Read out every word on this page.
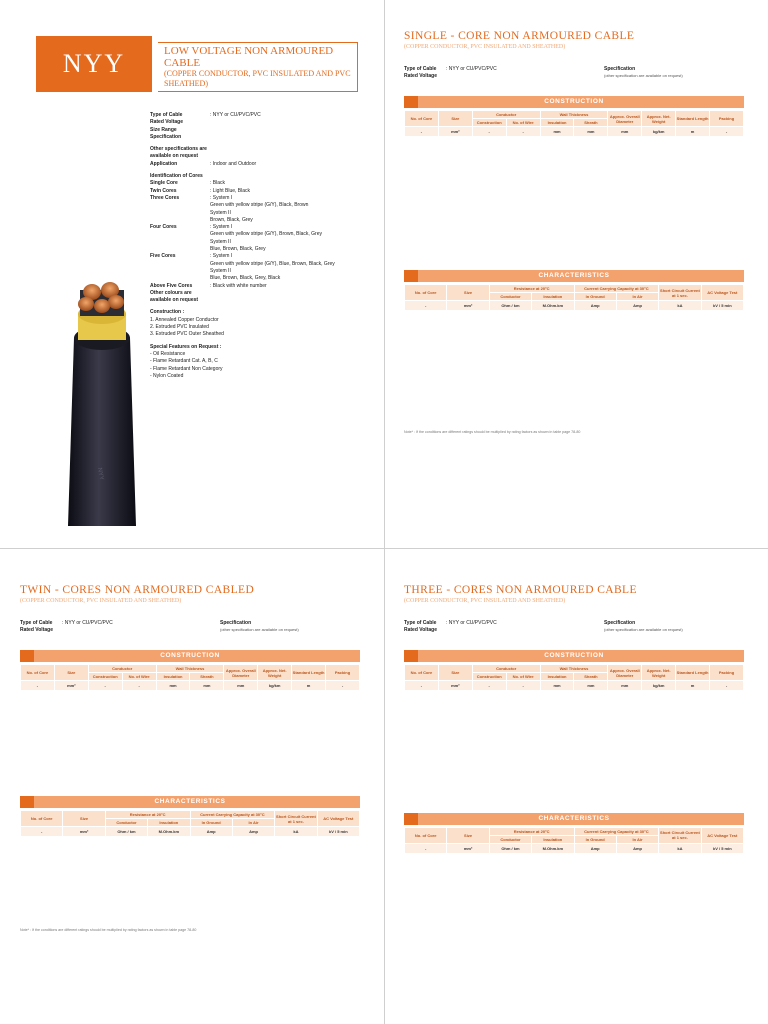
NYY	LOW VOLTAGE NON ARMOURED CABLE
(COPPER CONDUCTOR, PVC INSULATED AND PVC SHEATHED)
Type of Cable	: NYY or CU/PVC/PVC
Rated Voltage
Size Range
Specification
Other specifications are available on request
Application	: Indoor and Outdoor
Identification of Cores
Single Core	: Black
Twin Cores	: Light Blue, Black
Three Cores	: System I
Green with yellow stripe (G/Y), Black, Brown
System II
Brown, Black, Grey
Four Cores	: System I
Green with yellow stripe (G/Y), Brown, Black, Grey
System II
Blue, Brown, Black, Grey
Five Cores	: System I
Green with yellow stripe (G/Y), Blue, Brown, Black, Grey
System II
Blue, Brown, Black, Grey, Black
Above Five Cores	: Black with white number
Other colours are available on request
Construction :
1. Annealed Copper Conductor
2. Extruded PVC Insulated
3. Extruded PVC Outer Sheathed
Special Features on Request :
- Oil Resistance
- Flame Retardant Cat. A, B, C
- Flame Retardant Non Category
- Nylon Coated
NYY
SINGLE - CORE NON ARMOURED CABLE
(COPPER CONDUCTOR, PVC INSULATED AND SHEATHED)
Type of Cable	: NYY or CU/PVC/PVC
Rated Voltage
Specification
(other specification are available on request)
CONSTRUCTION
No. of Core	Size	Conductor		Wall Thickness		Approx. Overall Diameter	Approx. Net. Weight	Standard Length	Packing
		Construction	No. of Wire	Insulation	Sheath				
-	mm²	-	-	mm	mm	mm	kg/km	m	-

CHARACTERISTICS
No. of Core	Size	Resistance at 20°C		Current Carrying Capacity at 30°C		Short Circuit Current at 1 sec.	AC Voltage Test
		Conductor	Insulation	In Ground	In Air		
-	mm²	Ohm / km	M.Ohm.km	Amp	Amp	kA	kV / 5 min

Note* : If the conditions are different ratings should be multiplied by rating factors as shown in table page 78-80
TWIN - CORES NON ARMOURED CABLED
(COPPER CONDUCTOR, PVC INSULATED AND SHEATHED)
Type of Cable	: NYY or CU/PVC/PVC
Rated Voltage
Specification
(other specification are available on request)
CONSTRUCTION
No. of Core	Size	Conductor		Wall Thickness		Approx. Overall Diameter	Approx. Net. Weight	Standard Length	Packing
		Construction	No. of Wire	Insulation	Sheath				
-	mm²	-	-	mm	mm	mm	kg/km	m	-

CHARACTERISTICS
No. of Core	Size	Resistance at 20°C		Current Carrying Capacity at 30°C		Short Circuit Current at 1 sec.	AC Voltage Test
		Conductor	Insulation	In Ground	In Air		
-	mm²	Ohm / km	M.Ohm.km	Amp	Amp	kA	kV / 5 min

Note* : If the conditions are different ratings should be multiplied by rating factors as shown in table page 78-80
THREE - CORES NON ARMOURED CABLE
(COPPER CONDUCTOR, PVC INSULATED AND SHEATHED)
Type of Cable	: NYY or CU/PVC/PVC
Rated Voltage
Specification
(other specification are available on request)
CONSTRUCTION
No. of Core	Size	Conductor		Wall Thickness		Approx. Overall Diameter	Approx. Net. Weight	Standard Length	Packing
		Construction	No. of Wire	Insulation	Sheath				
-	mm²	-	-	mm	mm	mm	kg/km	m	-

CHARACTERISTICS
No. of Core	Size	Resistance at 20°C		Current Carrying Capacity at 30°C		Short Circuit Current at 1 sec.	AC Voltage Test
		Conductor	Insulation	In Ground	In Air		
-	mm²	Ohm / km	M.Ohm.km	Amp	Amp	kA	kV / 5 min
